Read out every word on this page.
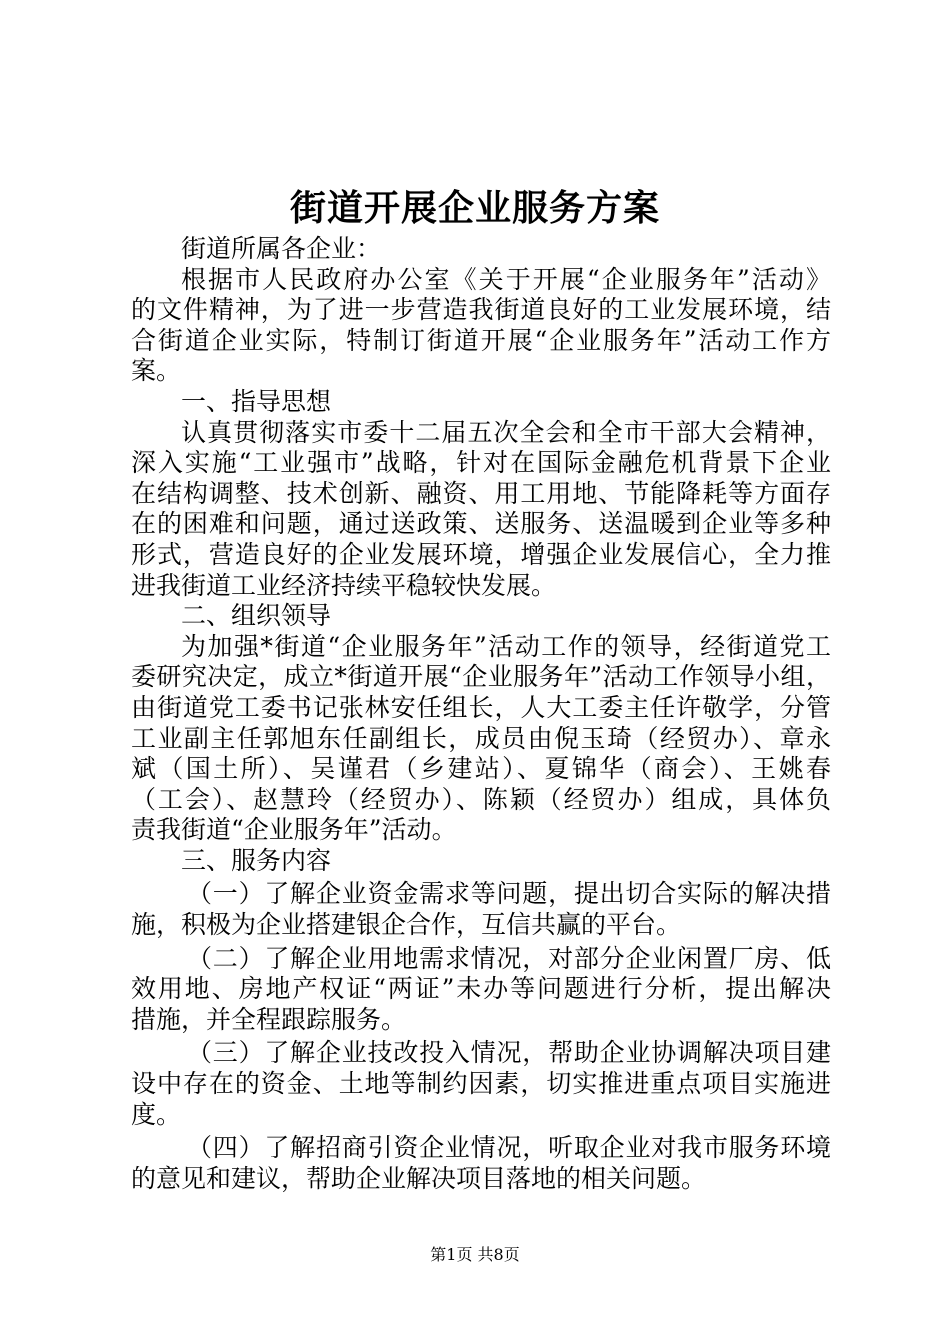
街道开展企业服务方案
街道所属各企业：
根据市人民政府办公室《关于开展“企业服务年”活动》
的文件精神，为了进一步营造我街道良好的工业发展环境，结
合街道企业实际，特制订街道开展“企业服务年”活动工作方
案。
一、指导思想
认真贯彻落实市委十二届五次全会和全市干部大会精神，
深入实施“工业强市”战略，针对在国际金融危机背景下企业
在结构调整、技术创新、融资、用工用地、节能降耗等方面存
在的困难和问题，通过送政策、送服务、送温暖到企业等多种
形式，营造良好的企业发展环境，增强企业发展信心，全力推
进我街道工业经济持续平稳较快发展。
二、组织领导
为加强*街道“企业服务年”活动工作的领导，经街道党工
委研究决定，成立*街道开展“企业服务年”活动工作领导小组，
由街道党工委书记张林安任组长，人大工委主任许敬学，分管
工业副主任郭旭东任副组长，成员由倪玉琦（经贸办）、章永
斌（国土所）、吴谨君（乡建站）、夏锦华（商会）、王姚春
（工会）、赵慧玲（经贸办）、陈颖（经贸办）组成，具体负
责我街道“企业服务年”活动。
三、服务内容
（一）了解企业资金需求等问题，提出切合实际的解决措
施，积极为企业搭建银企合作，互信共赢的平台。
（二）了解企业用地需求情况，对部分企业闲置厂房、低
效用地、房地产权证“两证”未办等问题进行分析，提出解决
措施，并全程跟踪服务。
（三）了解企业技改投入情况，帮助企业协调解决项目建
设中存在的资金、土地等制约因素，切实推进重点项目实施进
度。
（四）了解招商引资企业情况，听取企业对我市服务环境
的意见和建议，帮助企业解决项目落地的相关问题。
第1页 共8页
